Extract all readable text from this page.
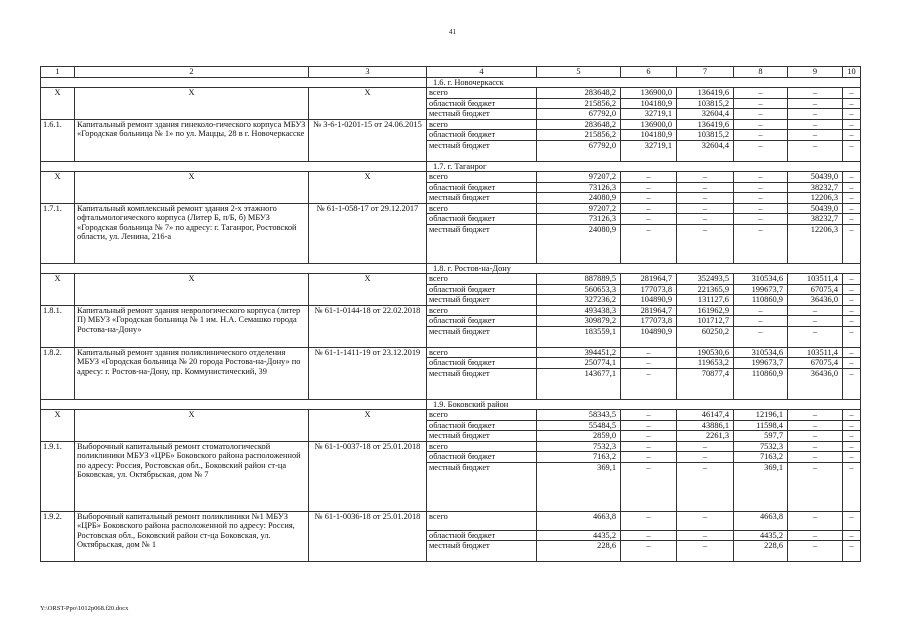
41
1	2	3	4	5	6	7	8	9	10
			1.6. г. Новочеркасск						
Х	Х	Х	всего	283648,2	136900,0	136419,6	–	–	–
			областной бюджет	215856,2	104180,9	103815,2	–	–	–
			местный бюджет	67792,0	32719,1	32604,4	–	–	–
1.6.1.	Капитальный ремонт здания гинеколо-гического корпуса МБУЗ «Городская больница № 1» по ул. Маццы, 28 в г. Новочеркасске	№ 3-6-1-0201-15 от 24.06.2015	всего	283648,2	136900,0	136419,6	–	–	–
			областной бюджет	215856,2	104180,9	103815,2	–	–	–
			местный бюджет	67792,0	32719,1	32604,4	–	–	–
			1.7. г. Таганрог						
Х	Х	Х	всего	97207,2	–	–	–	50439,0	–
			областной бюджет	73126,3	–	–	–	38232,7	–
			местный бюджет	24080,9	–	–	–	12206,3	–
1.7.1.	Капитальный комплексный ремонт здания 2-х этажного офтальмологического корпуса (Литер Б, п/Б, б) МБУЗ «Городская больница № 7» по адресу: г. Таганрог, Ростовской области, ул. Ленина, 216-а	№ 61-1-058-17 от 29.12.2017	всего	97207,2	–	–	–	50439,0	–
			областной бюджет	73126,3	–	–	–	38232,7	–
			местный бюджет	24080,9	–	–	–	12206,3	–
			1.8. г. Ростов-на-Дону						
Х	Х	Х	всего	887889,5	281964,7	352493,5	310534,6	103511,4	–
			областной бюджет	560653,3	177073,8	221365,9	199673,7	67075,4	–
			местный бюджет	327236,2	104890,9	131127,6	110860,9	36436,0	–
1.8.1.	Капитальный ремонт здания неврологического корпуса (литер П) МБУЗ «Городская больница № 1 им. Н.А. Семашко города Ростова-на-Дону»	№ 61-1-0144-18 от 22.02.2018	всего	493438,3	281964,7	161962,9	–	–	–
			областной бюджет	309879,2	177073,8	101712,7	–	–	–
			местный бюджет	183559,1	104890,9	60250,2	–	–	–
1.8.2.	Капитальный ремонт здания поликлинического отделения МБУЗ «Городская больница № 20 города Ростова-на-Дону» по адресу: г. Ростов-на-Дону, пр. Коммунистический, 39	№ 61-1-1411-19 от 23.12.2019	всего	394451,2	–	190530,6	310534,6	103511,4	–
			областной бюджет	250774,1	–	119653,2	199673,7	67075,4	–
			местный бюджет	143677,1	–	70877,4	110860,9	36436,0	–
			1.9. Боковский район						
Х	Х	Х	всего	58343,5	–	46147,4	12196,1	–	–
			областной бюджет	55484,5	–	43886,1	11598,4	–	–
			местный бюджет	2859,0	–	2261,3	597,7	–	–
1.9.1.	Выборочный капитальный ремонт стоматологической поликлиники МБУЗ «ЦРБ» Боковского района расположенной по адресу: Россия, Ростовская обл., Боковский район ст-ца Боковская, ул. Октябрьская, дом № 7	№ 61-1-0037-18 от 25.01.2018	всего	7532,3	–	–	7532,3	–	–
			областной бюджет	7163,2	–	–	7163,2	–	–
			местный бюджет	369,1	–	–	369,1	–	–
1.9.2.	Выборочный капитальный ремонт поликлиники №1 МБУЗ «ЦРБ» Боковского района расположенной по адресу: Россия, Ростовская обл., Боковский район ст-ца Боковская, ул. Октябрьская, дом № 1	№ 61-1-0036-18 от 25.01.2018	всего	4663,8	–	–	4663,8	–	–
			областной бюджет	4435,2	–	–	4435,2	–	–
			местный бюджет	228,6	–	–	228,6	–	–
Y:\ORST-Ppo\1012p068.f20.docx
